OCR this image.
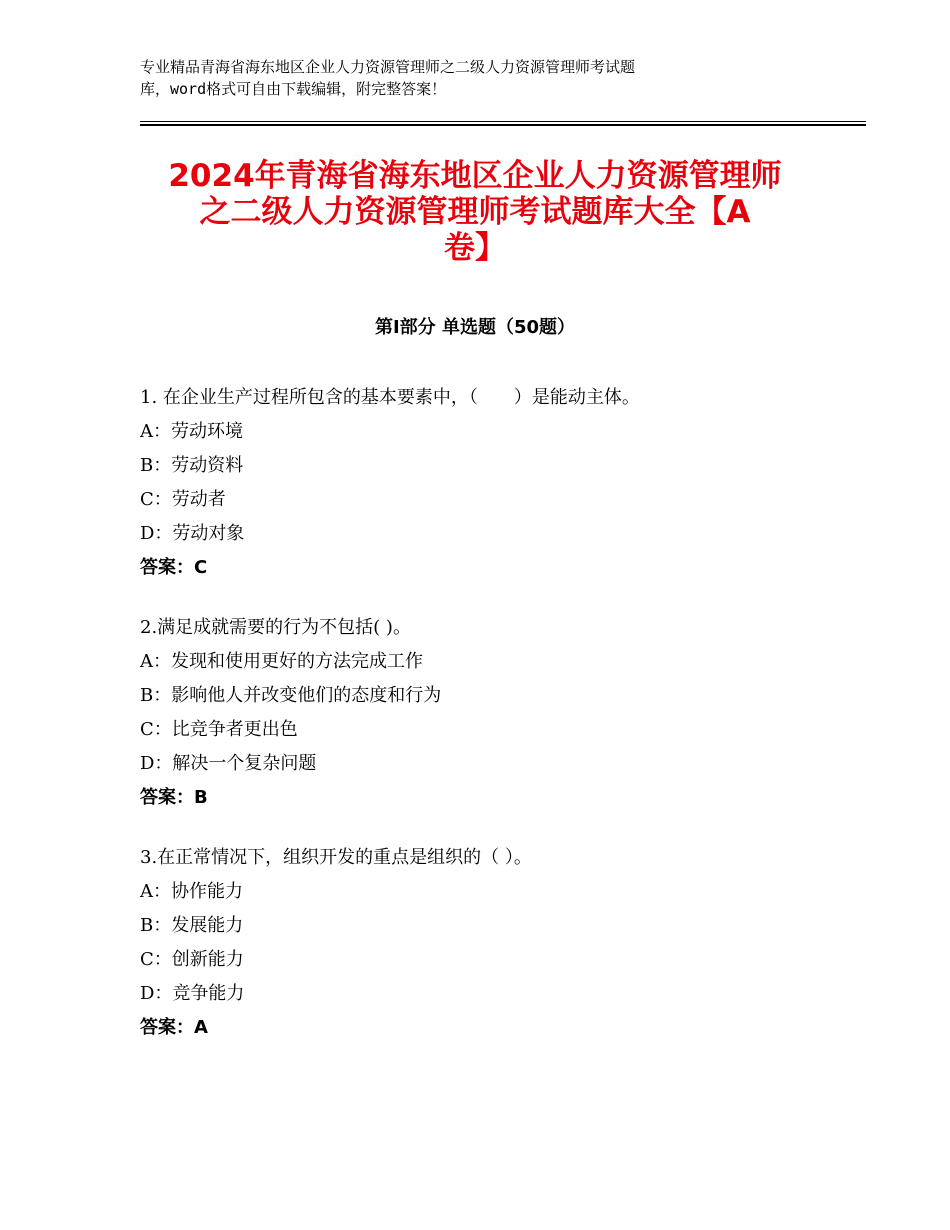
专业精品青海省海东地区企业人力资源管理师之二级人力资源管理师考试题
库，word格式可自由下载编辑，附完整答案！
2024年青海省海东地区企业人力资源管理师
之二级人力资源管理师考试题库大全【A
卷】
第Ⅰ部分 单选题（50题）
1. 在企业生产过程所包含的基本要素中，（　　）是能动主体。
A：劳动环境
B：劳动资料
C：劳动者
D：劳动对象
答案：C
2.满足成就需要的行为不包括( )。
A：发现和使用更好的方法完成工作
B：影响他人并改变他们的态度和行为
C：比竞争者更出色
D：解决一个复杂问题
答案：B
3.在正常情况下，组织开发的重点是组织的（ ）。
A：协作能力
B：发展能力
C：创新能力
D：竞争能力
答案：A
